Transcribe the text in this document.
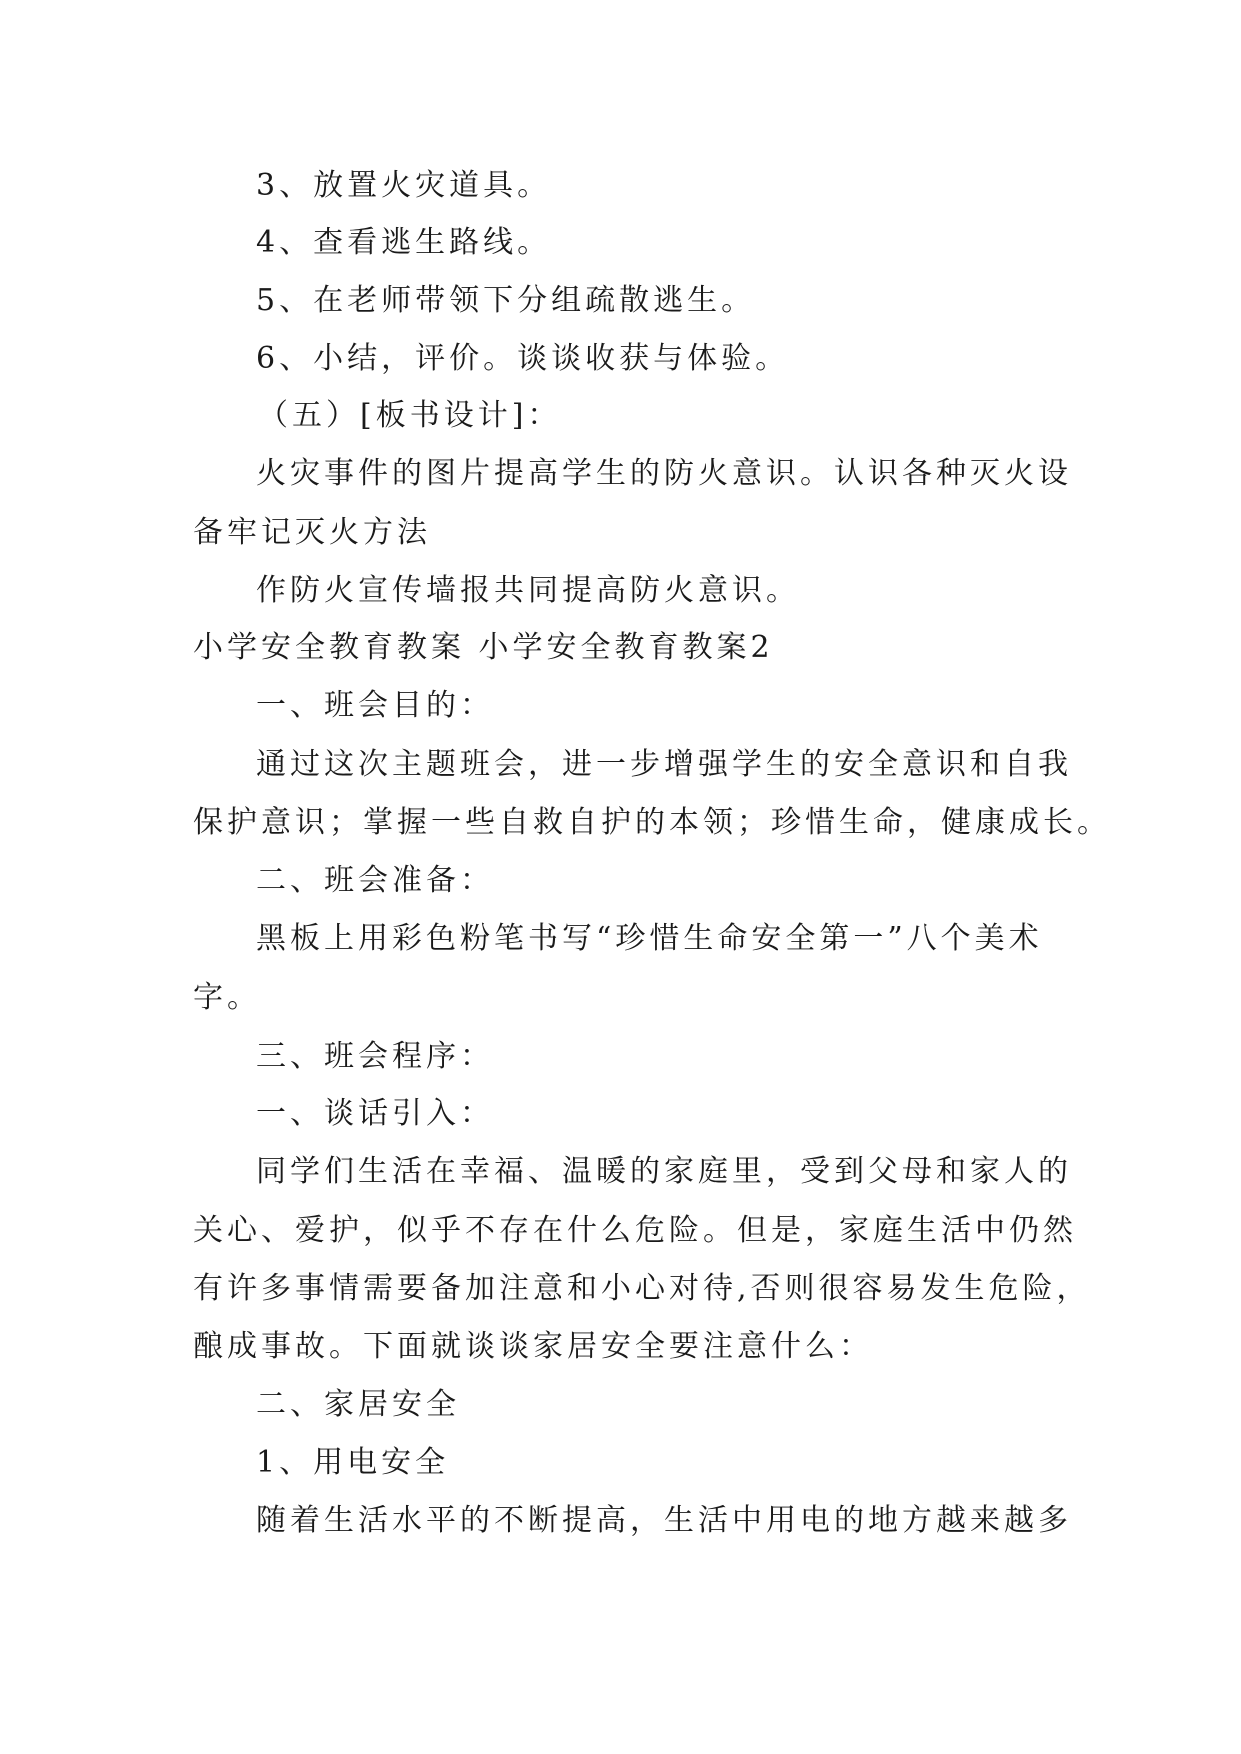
3、放置火灾道具。
4、查看逃生路线。
5、在老师带领下分组疏散逃生。
6、小结，评价。谈谈收获与体验。
（五）[板书设计]：
火灾事件的图片提高学生的防火意识。认识各种灭火设
备牢记灭火方法
作防火宣传墙报共同提高防火意识。
小学安全教育教案 小学安全教育教案2
一、班会目的：
通过这次主题班会，进一步增强学生的安全意识和自我
保护意识；掌握一些自救自护的本领；珍惜生命，健康成长。
二、班会准备：
黑板上用彩色粉笔书写“珍惜生命安全第一”八个美术
字。
三、班会程序：
一、谈话引入：
同学们生活在幸福、温暖的家庭里，受到父母和家人的
关心、爱护，似乎不存在什么危险。但是，家庭生活中仍然
有许多事情需要备加注意和小心对待,否则很容易发生危险，
酿成事故。下面就谈谈家居安全要注意什么：
二、家居安全
1、用电安全
随着生活水平的不断提高，生活中用电的地方越来越多
